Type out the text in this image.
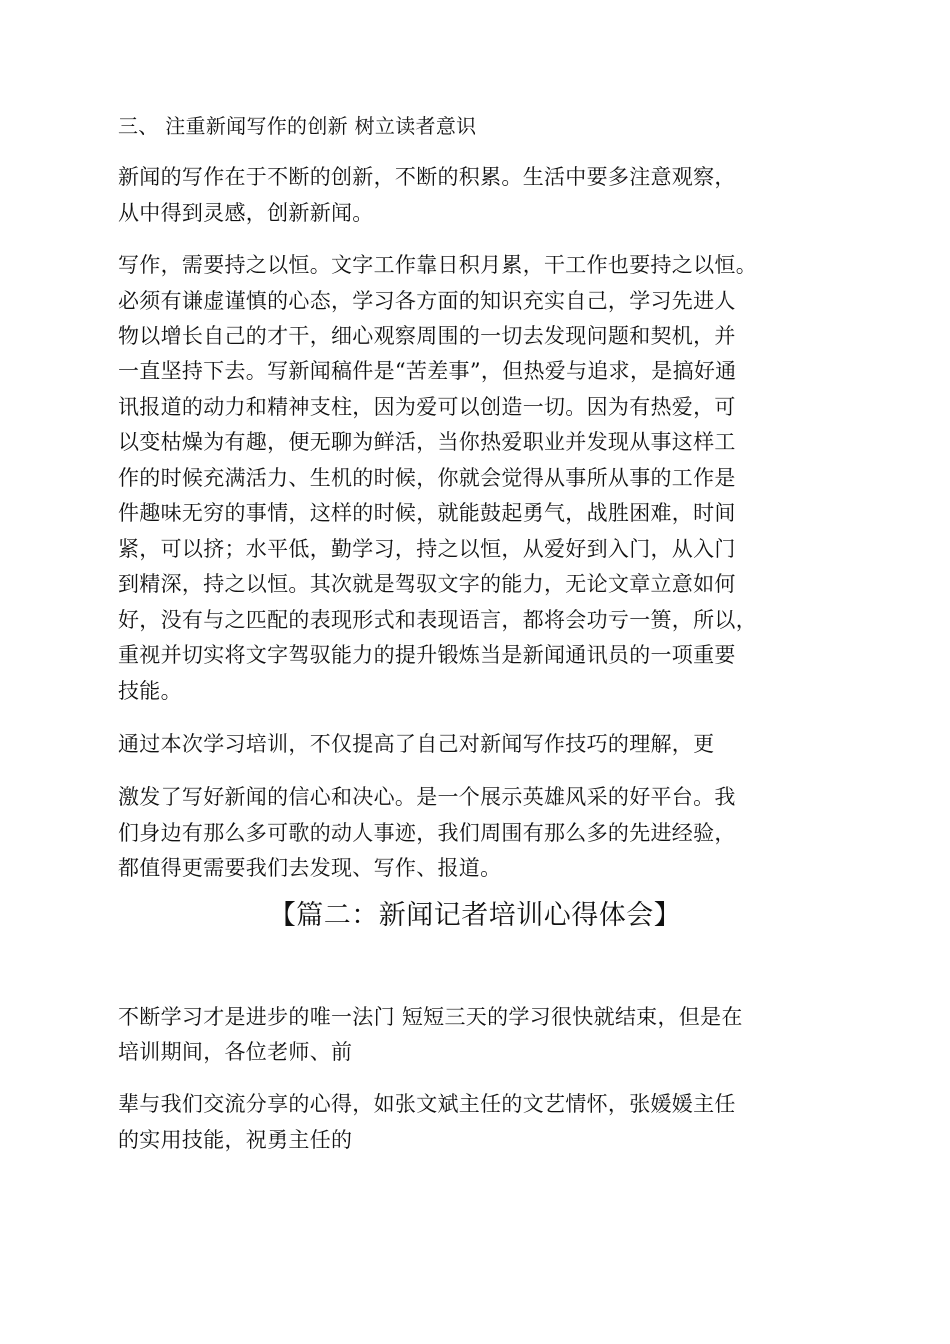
三、 注重新闻写作的创新 树立读者意识
新闻的写作在于不断的创新，不断的积累。生活中要多注意观察，
从中得到灵感，创新新闻。
写作，需要持之以恒。文字工作靠日积月累，干工作也要持之以恒。
必须有谦虚谨慎的心态，学习各方面的知识充实自己，学习先进人
物以增长自己的才干，细心观察周围的一切去发现问题和契机，并
一直坚持下去。写新闻稿件是“苦差事”，但热爱与追求，是搞好通
讯报道的动力和精神支柱，因为爱可以创造一切。因为有热爱，可
以变枯燥为有趣，便无聊为鲜活，当你热爱职业并发现从事这样工
作的时候充满活力、生机的时候，你就会觉得从事所从事的工作是
件趣味无穷的事情，这样的时候，就能鼓起勇气，战胜困难，时间
紧，可以挤；水平低，勤学习，持之以恒，从爱好到入门，从入门
到精深，持之以恒。其次就是驾驭文字的能力，无论文章立意如何
好，没有与之匹配的表现形式和表现语言，都将会功亏一篑，所以，
重视并切实将文字驾驭能力的提升锻炼当是新闻通讯员的一项重要
技能。
通过本次学习培训，不仅提高了自己对新闻写作技巧的理解，更
激发了写好新闻的信心和决心。是一个展示英雄风采的好平台。我
们身边有那么多可歌的动人事迹，我们周围有那么多的先进经验，
都值得更需要我们去发现、写作、报道。
【篇二：新闻记者培训心得体会】
不断学习才是进步的唯一法门 短短三天的学习很快就结束，但是在
培训期间，各位老师、前
辈与我们交流分享的心得，如张文斌主任的文艺情怀，张媛媛主任
的实用技能，祝勇主任的
